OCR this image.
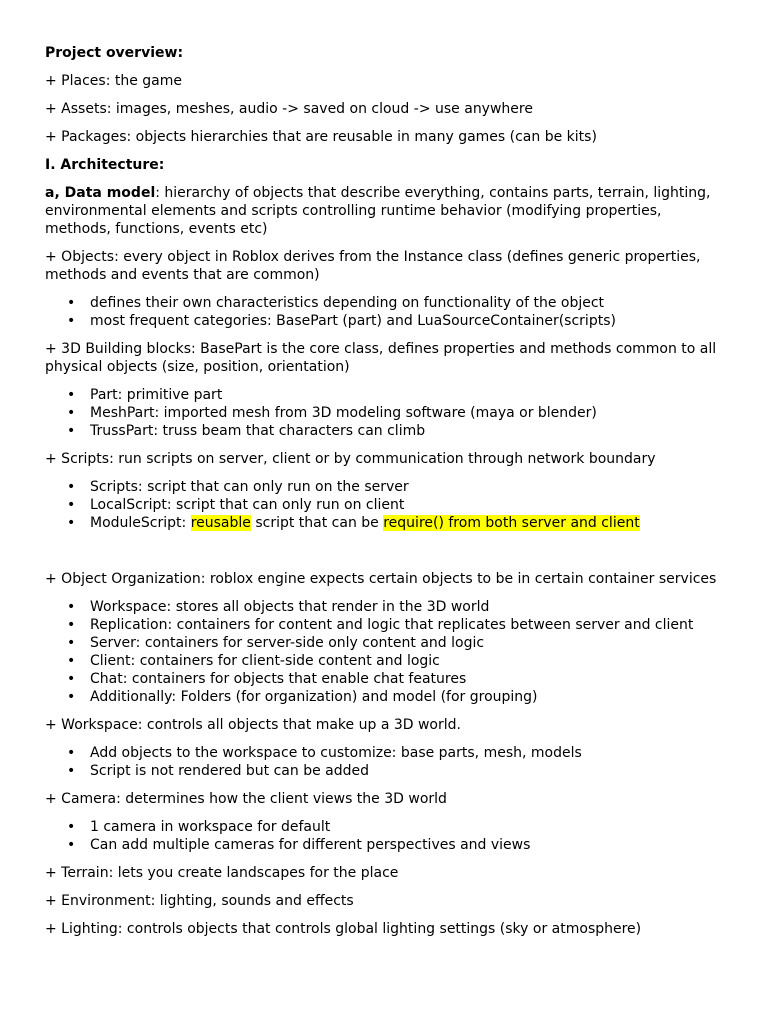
Project overview:

+ Places: the game

+ Assets: images, meshes, audio -> saved on cloud -> use anywhere

+ Packages: objects hierarchies that are reusable in many games (can be kits)

I. Architecture:

a, Data model: hierarchy of objects that describe everything, contains parts, terrain, lighting, environmental elements and scripts controlling runtime behavior (modifying properties, methods, functions, events etc)

+ Objects: every object in Roblox derives from the Instance class (defines generic properties, methods and events that are common)

• defines their own characteristics depending on functionality of the object
• most frequent categories: BasePart (part) and LuaSourceContainer(scripts)

+ 3D Building blocks: BasePart is the core class, defines properties and methods common to all physical objects (size, position, orientation)

• Part: primitive part
• MeshPart: imported mesh from 3D modeling software (maya or blender)
• TrussPart: truss beam that characters can climb

+ Scripts: run scripts on server, client or by communication through network boundary

• Scripts: script that can only run on the server
• LocalScript: script that can only run on client
• ModuleScript: reusable script that can be require() from both server and client

+ Object Organization: roblox engine expects certain objects to be in certain container services

• Workspace: stores all objects that render in the 3D world
• Replication: containers for content and logic that replicates between server and client
• Server: containers for server-side only content and logic
• Client: containers for client-side content and logic
• Chat: containers for objects that enable chat features
• Additionally: Folders (for organization) and model (for grouping)

+ Workspace: controls all objects that make up a 3D world.

• Add objects to the workspace to customize: base parts, mesh, models
• Script is not rendered but can be added

+ Camera: determines how the client views the 3D world

• 1 camera in workspace for default
• Can add multiple cameras for different perspectives and views

+ Terrain: lets you create landscapes for the place

+ Environment: lighting, sounds and effects

+ Lighting: controls objects that controls global lighting settings (sky or atmosphere)
